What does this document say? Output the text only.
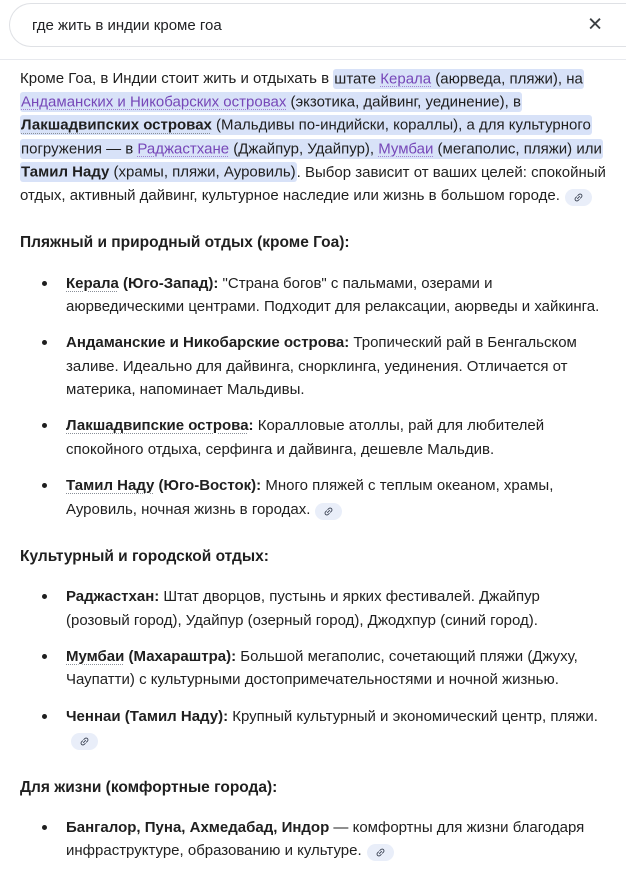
где жить в индии кроме гоа
✕

Кроме Гоа, в Индии стоит жить и отдыхать в штате Керала (аюрведа, пляжи), на Андаманских и Никобарских островах (экзотика, дайвинг, уединение), в Лакшадвипских островах (Мальдивы по-индийски, кораллы), а для культурного погружения — в Раджастхане (Джайпур, Удайпур), Мумбаи (мегаполис, пляжи) или Тамил Наду (храмы, пляжи, Ауровиль). Выбор зависит от ваших целей: спокойный отдых, активный дайвинг, культурное наследие или жизнь в большом городе.

Пляжный и природный отдых (кроме Гоа):
Керала (Юго-Запад): "Страна богов" с пальмами, озерами и аюрведическими центрами. Подходит для релаксации, аюрведы и хайкинга.
Андаманские и Никобарские острова: Тропический рай в Бенгальском заливе. Идеально для дайвинга, снорклинга, уединения. Отличается от материка, напоминает Мальдивы.
Лакшадвипские острова: Коралловые атоллы, рай для любителей спокойного отдыха, серфинга и дайвинга, дешевле Мальдив.
Тамил Наду (Юго-Восток): Много пляжей с теплым океаном, храмы, Ауровиль, ночная жизнь в городах.
Культурный и городской отдых:
Раджастхан: Штат дворцов, пустынь и ярких фестивалей. Джайпур (розовый город), Удайпур (озерный город), Джодхпур (синий город).
Мумбаи (Махараштра): Большой мегаполис, сочетающий пляжи (Джуху, Чаупатти) с культурными достопримечательностями и ночной жизнью.
Ченнаи (Тамил Наду): Крупный культурный и экономический центр, пляжи.
Для жизни (комфортные города):
Бангалор, Пуна, Ахмедабад, Индор — комфортны для жизни благодаря инфраструктуре, образованию и культуре.
